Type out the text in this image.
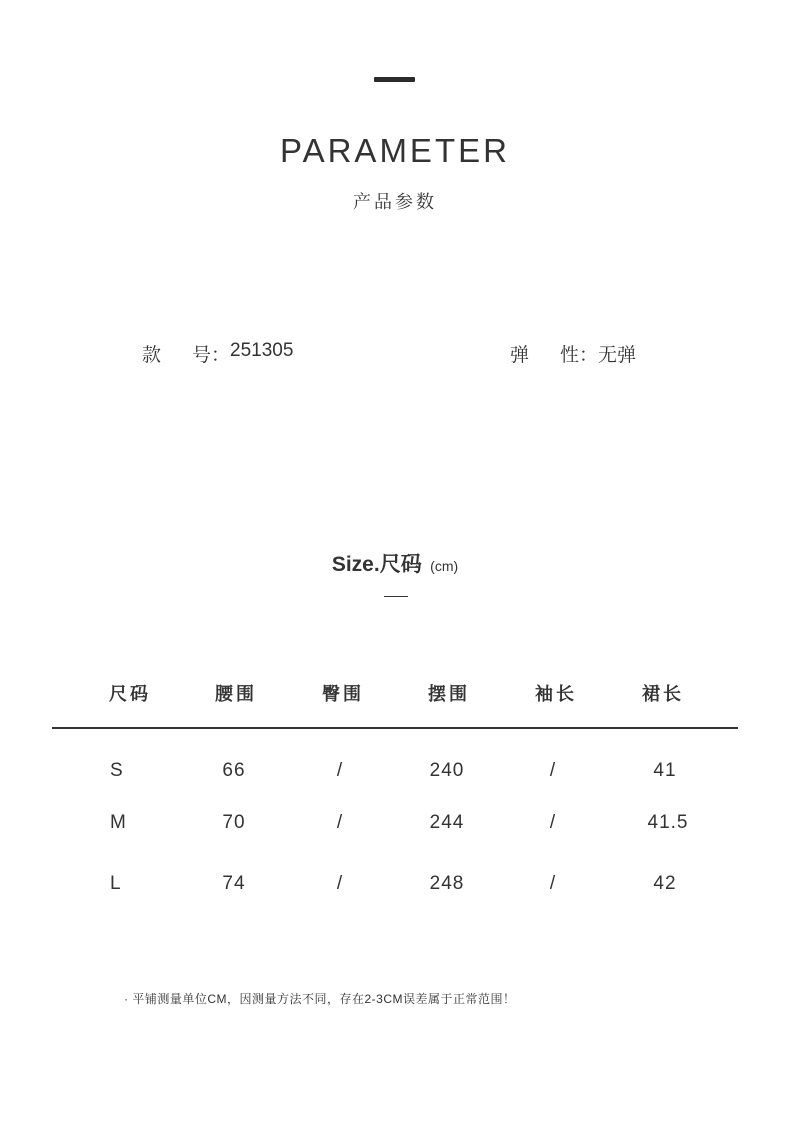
PARAMETER
产品参数
款	号： 251305	弹	性： 无弹
Size.尺码 (cm)
尺码	腰围	臀围	摆围	袖长	裙长
S	66	/	240	/	41
M	70	/	244	/	41.5
L	74	/	248	/	42
· 平铺测量单位CM，因测量方法不同，存在2-3CM误差属于正常范围！
